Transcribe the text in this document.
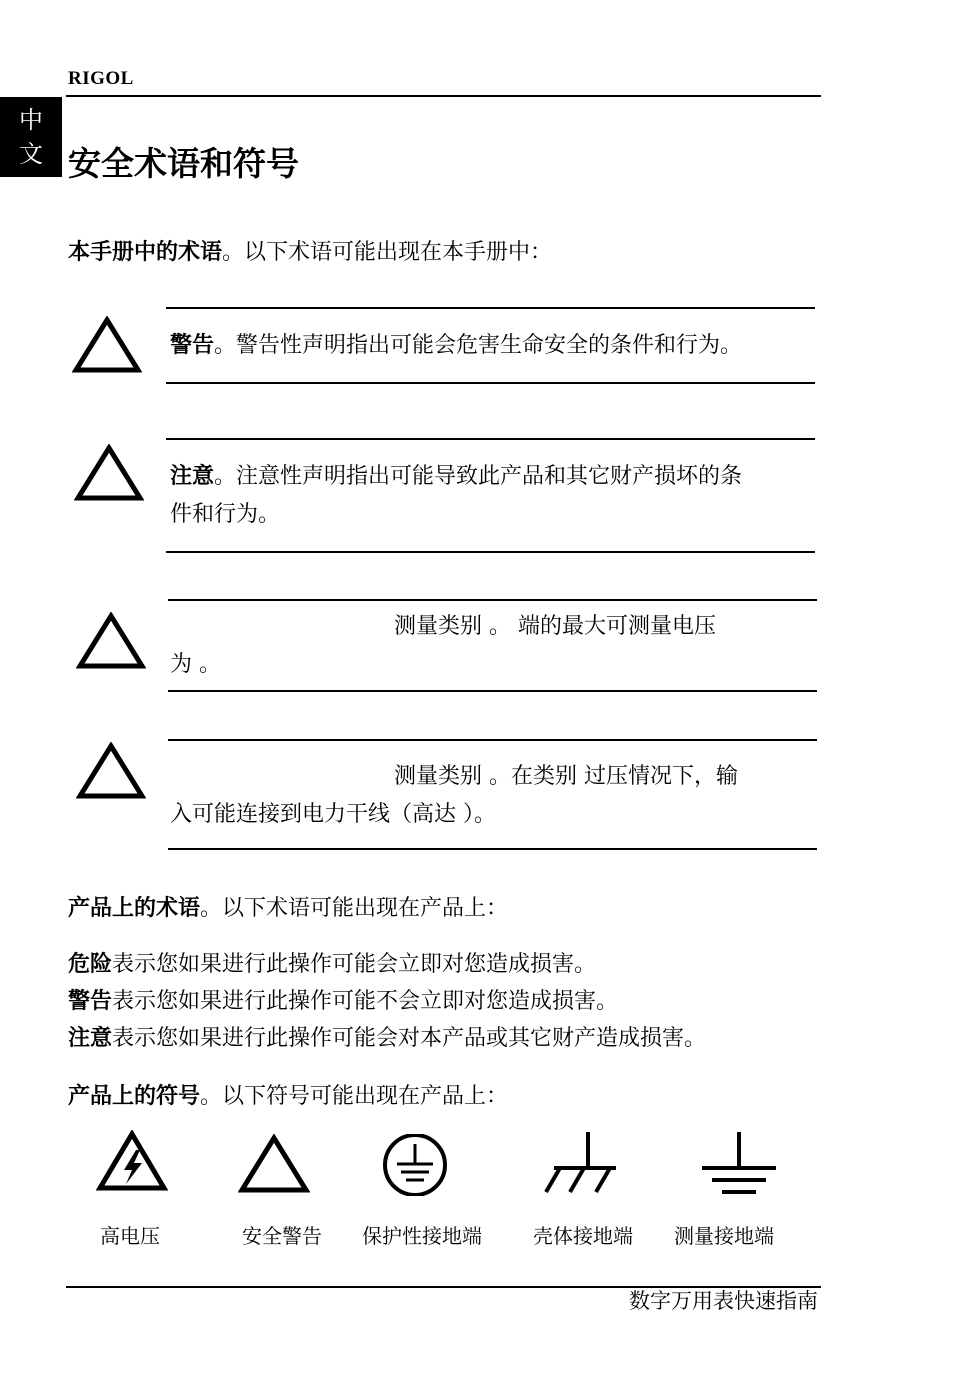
RIGOL
中
文 安全术语和符号
本手册中的术语。以下术语可能出现在本手册中：
警告。警告性声明指出可能会危害生命安全的条件和行为。
注意。注意性声明指出可能导致此产品和其它财产损坏的条
件和行为。
测量类别 。 端的最大可测量电压
为 。
测量类别 。在类别 过压情况下，输
入可能连接到电力干线（高达 ）。
产品上的术语。以下术语可能出现在产品上：
危险表示您如果进行此操作可能会立即对您造成损害。
警告表示您如果进行此操作可能不会立即对您造成损害。
注意表示您如果进行此操作可能会对本产品或其它财产造成损害。
产品上的符号。以下符号可能出现在产品上：
高电压	安全警告	保护性接地端	壳体接地端	测量接地端
数字万用表快速指南
